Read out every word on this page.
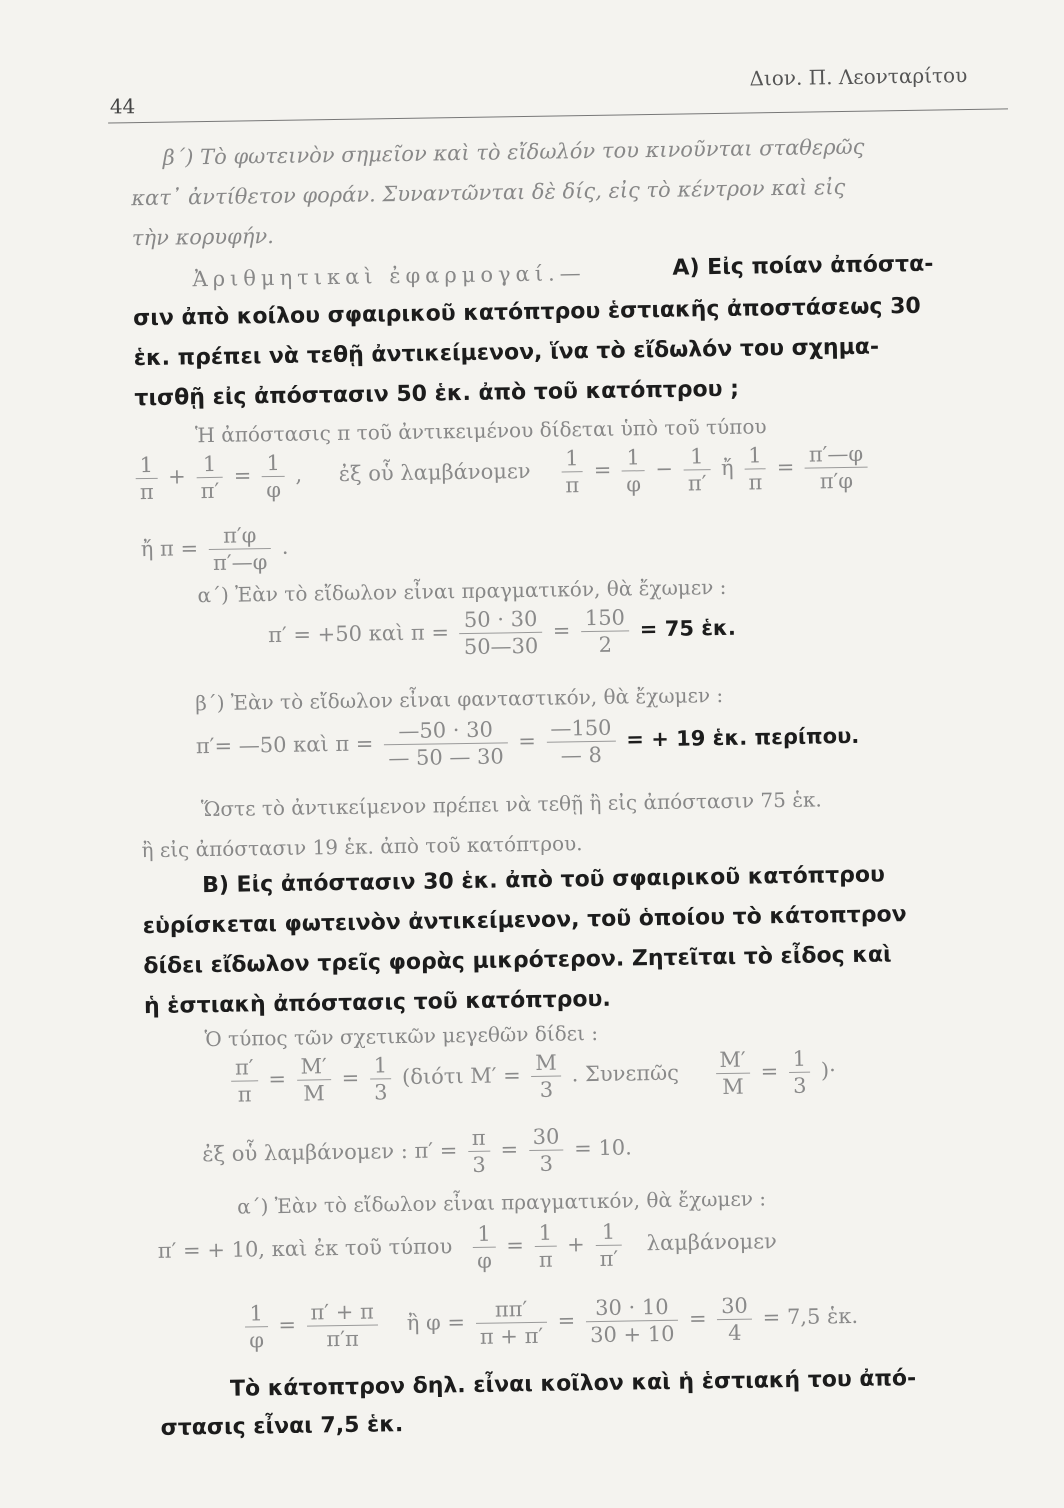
44
Διον. Π. Λεονταρίτου
β΄) Τὸ φωτεινὸν σημεῖον καὶ τὸ εἴδωλόν του κινοῦνται σταθερῶς
κατ᾽ ἀντίθετον φοράν. Συναντῶνται δὲ δίς, εἰς τὸ κέντρον καὶ εἰς
τὴν κορυφήν.
Ἀριθμητικαὶ ἐφαρμογαί.—	Α) Εἰς ποίαν ἀπόστα-
σιν ἀπὸ κοίλου σφαιρικοῦ κατόπτρου ἑστιακῆς ἀποστάσεως 30
ἑκ. πρέπει νὰ τεθῇ ἀντικείμενον, ἵνα τὸ εἴδωλόν του σχημα-
τισθῇ εἰς ἀπόστασιν 50 ἑκ. ἀπὸ τοῦ κατόπτρου ;
Ἡ ἀπόστασις π τοῦ ἀντικειμένου δίδεται ὑπὸ τοῦ τύπου
$\frac{1}{\pi} + \frac{1}{\pi'} = \frac{1}{\varphi}$ , ἐξ οὗ λαμβάνομεν $\frac{1}{\pi} = \frac{1}{\varphi} - \frac{1}{\pi'}$ ἤ $\frac{1}{\pi} = \frac{\pi'—\varphi}{\pi'\varphi}$
ἤ $\pi = \frac{\pi'\varphi}{\pi'—\varphi}$ .
α΄) Ἐὰν τὸ εἴδωλον εἶναι πραγματικόν, θὰ ἔχωμεν :
π′ = +50 καὶ $\pi = \frac{50 \cdot 30}{50—30} = \frac{150}{2} = 75$ ἑκ.
β΄) Ἐὰν τὸ εἴδωλον εἶναι φανταστικόν, θὰ ἔχωμεν :
π′= —50 καὶ $\pi = \frac{—50 \cdot 30}{— 50 — 30} = \frac{—150}{— 8}$ = + 19 ἑκ. περίπου.
Ὥστε τὸ ἀντικείμενον πρέπει νὰ τεθῇ ἢ εἰς ἀπόστασιν 75 ἑκ.
ἢ εἰς ἀπόστασιν 19 ἑκ. ἀπὸ τοῦ κατόπτρου.
Β) Εἰς ἀπόστασιν 30 ἑκ. ἀπὸ τοῦ σφαιρικοῦ κατόπτρου
εὑρίσκεται φωτεινὸν ἀντικείμενον, τοῦ ὁποίου τὸ κάτοπτρον
δίδει εἴδωλον τρεῖς φορὰς μικρότερον. Ζητεῖται τὸ εἶδος καὶ
ἡ ἑστιακὴ ἀπόστασις τοῦ κατόπτρου.
Ὁ τύπος τῶν σχετικῶν μεγεθῶν δίδει :
$\frac{\pi'}{\pi} = \frac{M'}{M} = \frac{1}{3} (\delta\iota ό\tau\iota$ $M' = \frac{M}{3}$ . Συνεπῶς $\frac{M'}{M} = \frac{1}{3}$ )·
ἐξ οὗ λαμβάνομεν : $\pi' = \frac{\pi}{3} = \frac{30}{3} = 10$.
α΄) Ἐὰν τὸ εἴδωλον εἶναι πραγματικόν, θὰ ἔχωμεν :
π′ = + 10, καὶ ἐκ τοῦ τύπου $\frac{1}{\varphi} = \frac{1}{\pi} + \frac{1}{\pi'}$ λαμβάνομεν
$\frac{1}{\varphi} = \frac{\pi' + \pi}{\pi'\pi}$ ἢ $\varphi = \frac{\pi\pi'}{\pi + \pi'} = \frac{30 \cdot 10}{30 + 10} = \frac{30}{4} = 7,5$ ἑκ.
Τὸ κάτοπτρον δηλ. εἶναι κοῖλον καὶ ἡ ἑστιακή του ἀπό-
στασις εἶναι 7,5 ἑκ.
